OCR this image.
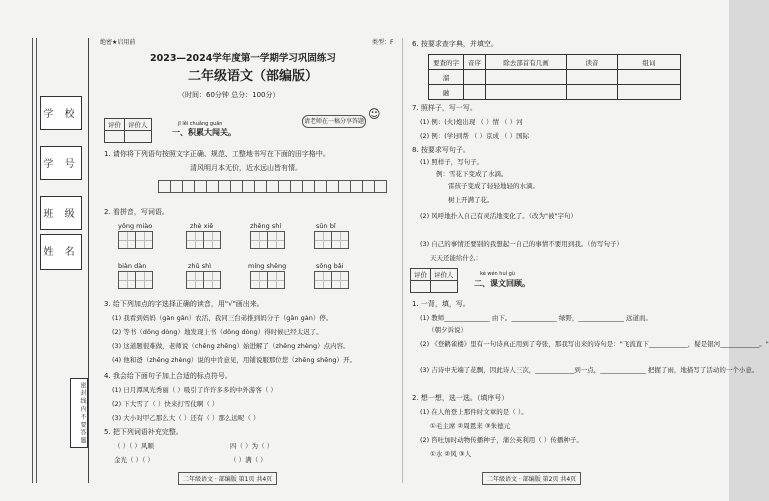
学 校
学 号
班 级
姓 名
密 封 线 内 不 要 答 题
绝密★启用前
2023—2024学年度第一学期学习巩固练习
二年级语文（部编版）
（时间：60分钟 总分：100分）
评价	评价人
		jī lěi chuǎng guān
一、积累大闯关。
请老师在一稿分享答题
☺
1. 请你将下列语句按照文字正确、规范、工整地书写在下面的田字格中。
清风明月本无价，近水远山皆有情。
2. 看拼音，写词语。
yǒng miào	zhè xiē	zhēng shí	sūn bǐ
biàn dàn	zhǔ shì	míng shēng	sōng bǎi
3. 给下列加点的字选择正确的读音，用"√"画出来。
(1) 我看到妈妈（gàn gān）农活，我同三台弟推到妈分子（gān gàn）停。
(2) 等书（dōng dòng）地发现上书（dōng dòng）得时候已经太迟了。
(3) 这道题很难做，老师说（chēng zhēng）始进解了（zhēng zhèng）点内容。
(4) 他和爸（zhēng zhèng）说的中肯意见，用铺说服那位您（zhēng shēng）开。
4. 我会给下面句子加上合适的标点符号。
(1) 日月潭风光秀丽（ ）吸引了许许多多的中外游客（ ）
(2) 下大雪了（ ）快来打雪仗啊（ ）
(3) 大小对甲乙那么大（ ）还有（ ）那么远呢（ ）
5. 把下列词语补充完整。
（ ）（ ）风顺	四（ ）为（ ）
金光（ ）（ ）	（ ）满（ ）
二年级语文 · 部编版 第1页 共4页
类型：F	6. 按要求查字典，并填空。
要查的字	音序	除去部首有几画	读音	组词
溜				
融				
7. 照样子，写一写。
(1) 例：(火)炮出现 （ ）情 （ ）河
(2) 例：(学)到帮 （ ）京成 （ ）国际
8. 按要求写句子。
(1) 照样子，写句子。
例：雪花下变成了水滴。
雷孩子变成了轻轻地轻的水滴。
树上开满了花。
(2) 风呼地扑入自己有灵活地变化了。（改为"被"字句）
(3) 自己的事情还要别的我想起一自己的事情不要用到我。（仿写句子）
天天还能给什么：
评价	评价人
		kè wén huí gù
二、课文回顾。
1. 一背，填，写。
(1) 教师______________ 由下。______________ 绿野，______________ 远道而。
（朝夕诉说）
(2) 《登鹳雀楼》里有一句诗真正用到了夸张，那我写出来的诗句是："飞流直下____________，疑是银河____________。"
(3) 吉诗中无端了花飘，因此诗人三次，____________到一点，______________ 把握了雨，地描写了活动的一个小意。
2. 想一想，选一选。（填序号）
(1) 在人角登上那件时文章的是（ ）。
①毛主席 ②周恩来 ③朱德元
(2) 咨吐加时动物传播种子，蒲公英利用（ ）传播种子。
①水 ②风 ③人
二年级语文 · 部编版 第2页 共4页
